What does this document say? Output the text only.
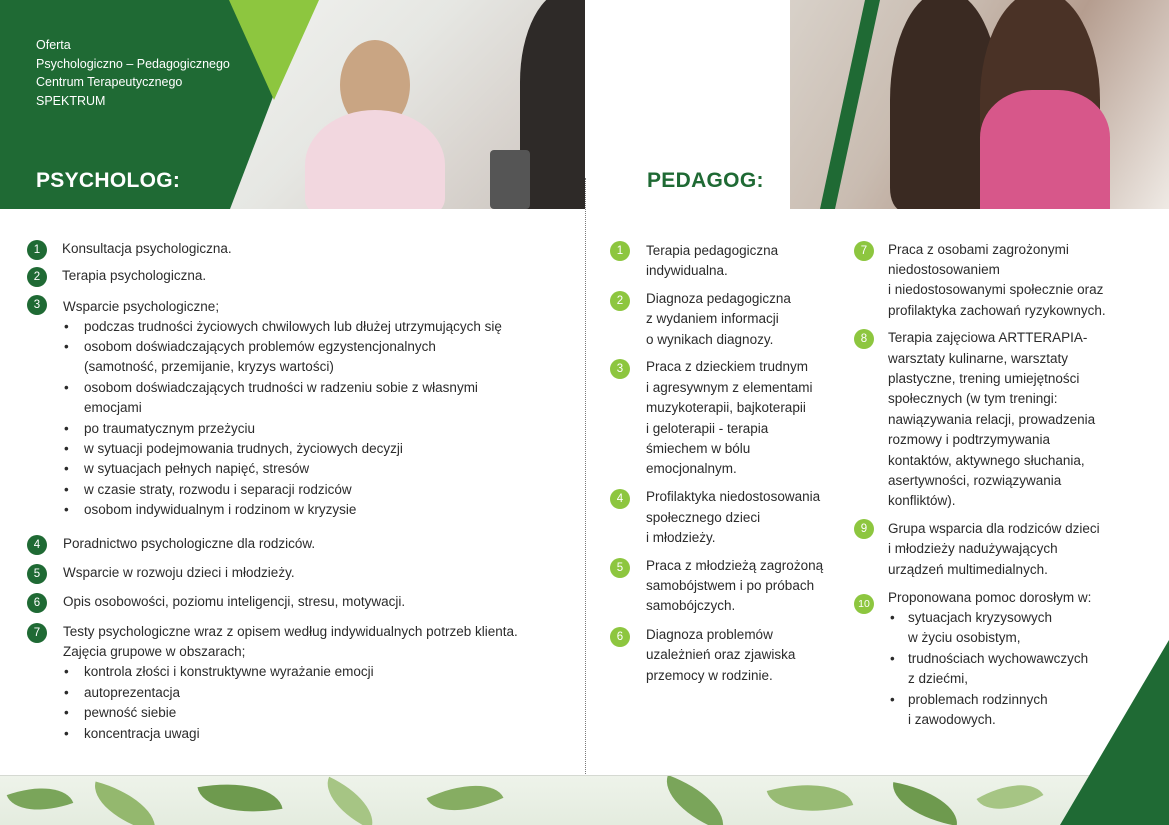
Oferta
Psychologiczno – Pedagogicznego
Centrum Terapeutycznego
SPEKTRUM
PSYCHOLOG:	PEDAGOG:
1	Konsultacja psychologiczna.
2	Terapia psychologiczna.
3	Wsparcie psychologiczne;
• podczas trudności życiowych chwilowych lub dłużej utrzymujących się
• osobom doświadczających problemów egzystencjonalnych
(samotność, przemijanie, kryzys wartości)
• osobom doświadczających trudności w radzeniu sobie z własnymi
emocjami
• po traumatycznym przeżyciu
• w sytuacji podejmowania trudnych, życiowych decyzji
• w sytuacjach pełnych napięć, stresów
• w czasie straty, rozwodu i separacji rodziców
• osobom indywidualnym i rodzinom w kryzysie
4	Poradnictwo psychologiczne dla rodziców.
5	Wsparcie w rozwoju dzieci i młodzieży.
6	Opis osobowości, poziomu inteligencji, stresu, motywacji.
7	Testy psychologiczne wraz z opisem według indywidualnych potrzeb klienta.
Zajęcia grupowe w obszarach;
• kontrola złości i konstruktywne wyrażanie emocji
• autoprezentacja
• pewność siebie
• koncentracja uwagi
1	Terapia pedagogiczna
indywidualna.
2	Diagnoza pedagogiczna
z wydaniem informacji
o wynikach diagnozy.
3	Praca z dzieckiem trudnym
i agresywnym z elementami
muzykoterapii, bajkoterapii
i geloterapii - terapia
śmiechem w bólu
emocjonalnym.
4	Profilaktyka niedostosowania
społecznego dzieci
i młodzieży.
5	Praca z młodzieżą zagrożoną
samobójstwem i po próbach
samobójczych.
6	Diagnoza problemów
uzależnień oraz zjawiska
przemocy w rodzinie.
7	Praca z osobami zagrożonymi
niedostosowaniem
i niedostosowanymi społecznie oraz
profilaktyka zachowań ryzykownych.
8	Terapia zajęciowa ARTTERAPIA-
warsztaty kulinarne, warsztaty
plastyczne, trening umiejętności
społecznych (w tym treningi:
nawiązywania relacji, prowadzenia
rozmowy i podtrzymywania
kontaktów, aktywnego słuchania,
asertywności, rozwiązywania
konfliktów).
9	Grupa wsparcia dla rodziców dzieci
i młodzieży nadużywających
urządzeń multimedialnych.
10	Proponowana pomoc dorosłym w:
• sytuacjach kryzysowych
w życiu osobistym,
• trudnościach wychowawczych
z dziećmi,
• problemach rodzinnych
i zawodowych.
